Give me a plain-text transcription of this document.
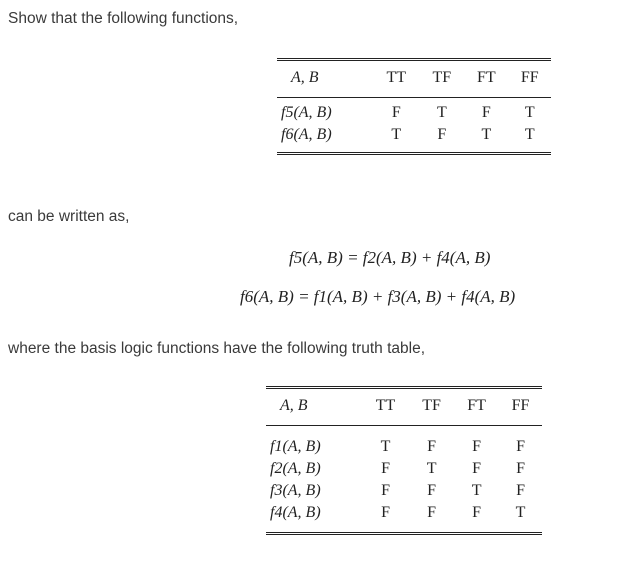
Show that the following functions,

A, B	TT	TF	FT	FF

f5(A, B)	F	T	F	T
f6(A, B)	T	F	T	T

can be written as,
f5(A, B) = f2(A, B) + f4(A, B)
f6(A, B) = f1(A, B) + f3(A, B) + f4(A, B)
where the basis logic functions have the following truth table,

A, B	TT	TF	FT	FF

f1(A, B)	T	F	F	F
f2(A, B)	F	T	F	F
f3(A, B)	F	F	T	F
f4(A, B)	F	F	F	T
